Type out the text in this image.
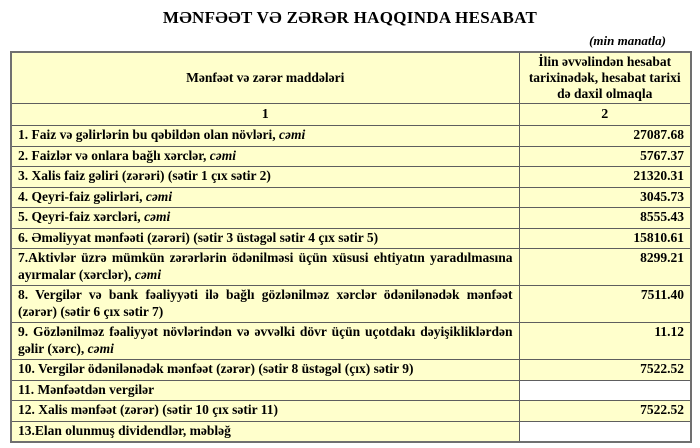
MƏNFƏƏT VƏ ZƏRƏR HAQQINDA HESABAT
(min manatla)
Mənfəət və zərər maddələri	İlin əvvəlindən hesabat tarixinədək, hesabat tarixi də daxil olmaqla
1	2
1. Faiz və gəlirlərin bu qəbildən olan növləri, cəmi	27087.68
2. Faizlər və onlara bağlı xərclər, cəmi	5767.37
3. Xalis faiz gəliri (zərəri) (sətir 1 çıx sətir 2)	21320.31
4. Qeyri-faiz gəlirləri, cəmi	3045.73
5. Qeyri-faiz xərcləri, cəmi	8555.43
6. Əməliyyat mənfəəti (zərəri) (sətir 3 üstəgəl sətir 4 çıx sətir 5)	15810.61
7.Aktivlər üzrə mümkün zərərlərin ödənilməsi üçün xüsusi ehtiyatın yaradılmasına ayırmalar (xərclər), cəmi	8299.21
8. Vergilər və bank fəaliyyəti ilə bağlı gözlənilməz xərclər ödənilənədək mənfəət (zərər) (sətir 6 çıx sətir 7)	7511.40
9. Gözlənilməz fəaliyyət növlərindən və əvvəlki dövr üçün uçotdakı dəyişikliklərdən gəlir (xərc), cəmi	11.12
10. Vergilər ödənilənədək mənfəət (zərər) (sətir 8 üstəgəl (çıx) sətir 9)	7522.52
11. Mənfəətdən vergilər	
12. Xalis mənfəət (zərər) (sətir 10 çıx sətir 11)	7522.52
13.Elan olunmuş dividendlər, məbləğ	
